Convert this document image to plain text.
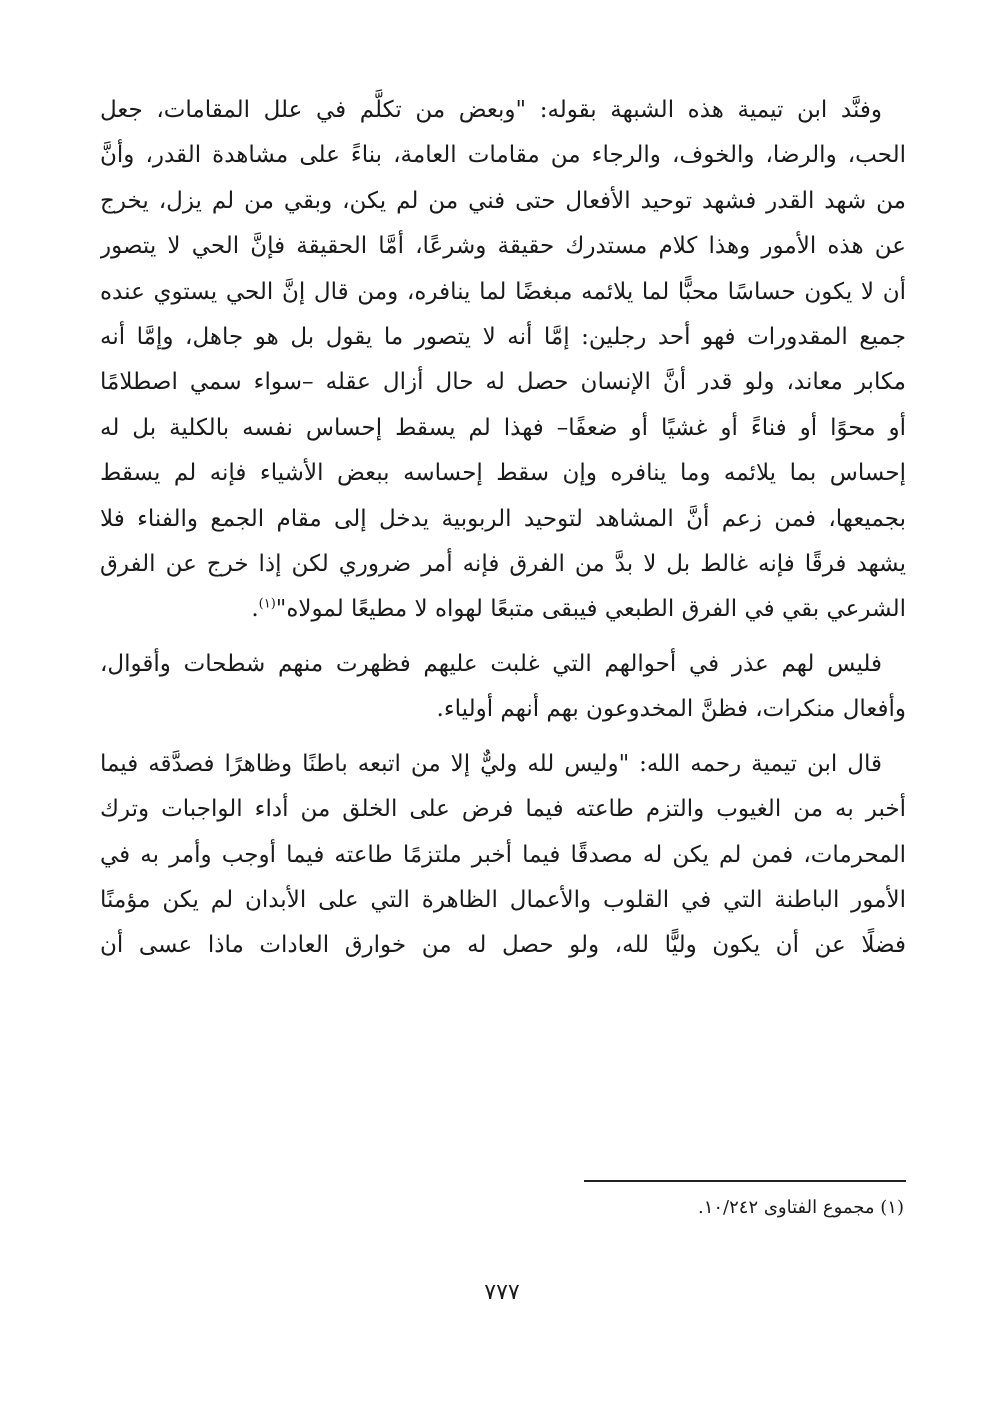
وفنَّد ابن تيمية هذه الشبهة بقوله: "وبعض من تكلَّم في علل المقامات، جعل
الحب، والرضا، والخوف، والرجاء من مقامات العامة، بناءً على مشاهدة القدر، وأنَّ
من شهد القدر فشهد توحيد الأفعال حتى فني من لم يكن، وبقي من لم يزل، يخرج
عن هذه الأمور وهذا كلام مستدرك حقيقة وشرعًا، أمَّا الحقيقة فإنَّ الحي لا يتصور
أن لا يكون حساسًا محبًّا لما يلائمه مبغضًا لما ينافره، ومن قال إنَّ الحي يستوي عنده
جميع المقدورات فهو أحد رجلين: إمَّا أنه لا يتصور ما يقول بل هو جاهل، وإمَّا أنه
مكابر معاند، ولو قدر أنَّ الإنسان حصل له حال أزال عقله –سواء سمي اصطلامًا
أو محوًا أو فناءً أو غشيًا أو ضعفًا– فهذا لم يسقط إحساس نفسه بالكلية بل له
إحساس بما يلائمه وما ينافره وإن سقط إحساسه ببعض الأشياء فإنه لم يسقط
بجميعها، فمن زعم أنَّ المشاهد لتوحيد الربوبية يدخل إلى مقام الجمع والفناء فلا
يشهد فرقًا فإنه غالط بل لا بدَّ من الفرق فإنه أمر ضروري لكن إذا خرج عن الفرق
الشرعي بقي في الفرق الطبعي فيبقى متبعًا لهواه لا مطيعًا لمولاه"$^{(١)}$.

فليس لهم عذر في أحوالهم التي غلبت عليهم فظهرت منهم شطحات وأقوال،
وأفعال منكرات، فظنَّ المخدوعون بهم أنهم أولياء.

قال ابن تيمية رحمه الله: "وليس لله وليٌّ إلا من اتبعه باطنًا وظاهرًا فصدَّقه فيما
أخبر به من الغيوب والتزم طاعته فيما فرض على الخلق من أداء الواجبات وترك
المحرمات، فمن لم يكن له مصدقًا فيما أخبر ملتزمًا طاعته فيما أوجب وأمر به في
الأمور الباطنة التي في القلوب والأعمال الظاهرة التي على الأبدان لم يكن مؤمنًا
فضلًا عن أن يكون وليًّا لله، ولو حصل له من خوارق العادات ماذا عسى أن

(١) مجموع الفتاوى ١٠/٢٤٢.
٧٧٧
